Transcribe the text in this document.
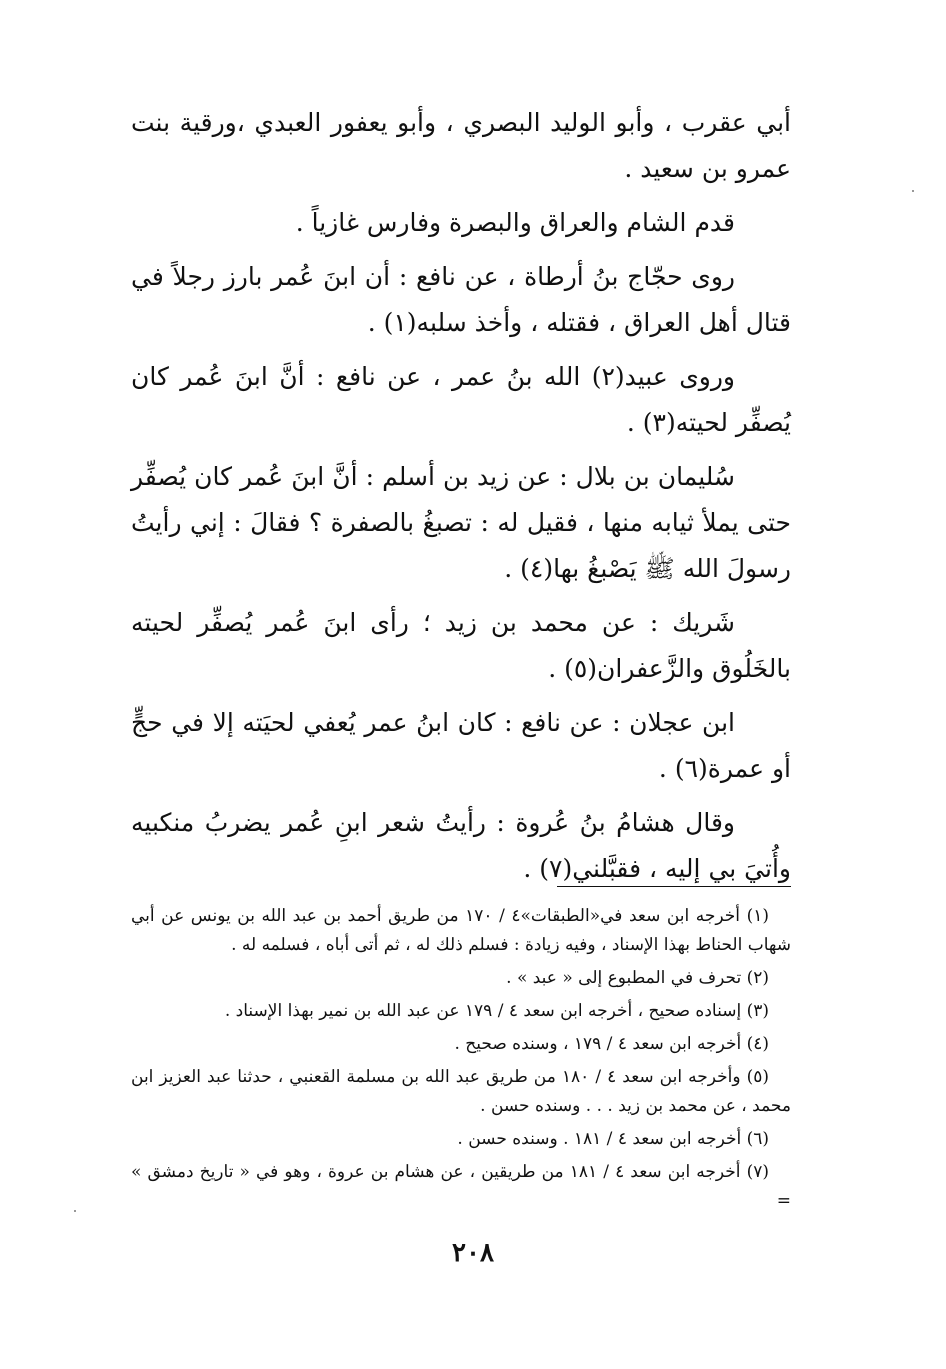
أبي عقرب ، وأبو الوليد البصري ، وأبو يعفور العبدي ،ورقية بنت عمرو بن سعيد .

قدم الشام والعراق والبصرة وفارس غازياً .

روى حجّاج بنُ أرطاة ، عن نافع : أن ابنَ عُمر بارز رجلاً في قتال أهل العراق ، فقتله ، وأخذ سلبه(١) .

وروى عبيد(٢) الله بنُ عمر ، عن نافع : أنَّ ابنَ عُمر كان يُصفِّر لحيته(٣) .

سُليمان بن بلال : عن زيد بن أسلم : أنَّ ابنَ عُمر كان يُصفِّر حتى يملأ ثيابه منها ، فقيل له : تصبغُ بالصفرة ؟ فقالَ : إني رأيتُ رسولَ الله ﷺ يَصْبغُ بها(٤) .

شَريك : عن محمد بن زيد ؛ رأى ابنَ عُمر يُصفِّر لحيته بالخَلُوق والزَّعفران(٥) .

ابن عجلان : عن نافع : كان ابنُ عمر يُعفي لحيَته إلا في حجٍّ أو عمرة(٦) .

وقال هشامُ بنُ عُروة : رأيتُ شعر ابنِ عُمر يضربُ منكبيه وأُتيَ بي إليه ، فقبَّلني(٧) .

(١) أخرجه ابن سعد في«الطبقات»٤ / ١٧٠ من طريق أحمد بن عبد الله بن يونس عن أبي شهاب الحناط بهذا الإسناد ، وفيه زيادة : فسلم ذلك له ، ثم أتى أباه ، فسلمه له .

(٢) تحرف في المطبوع إلى « عبد » .

(٣) إسناده صحيح ، أخرجه ابن سعد ٤ / ١٧٩ عن عبد الله بن نمير بهذا الإسناد .

(٤) أخرجه ابن سعد ٤ / ١٧٩ ، وسنده صحيح .

(٥) وأخرجه ابن سعد ٤ / ١٨٠ من طريق عبد الله بن مسلمة القعنبي ، حدثنا عبد العزيز ابن محمد ، عن محمد بن زيد . . . وسنده حسن .

(٦) أخرجه ابن سعد ٤ / ١٨١ . وسنده حسن .

(٧) أخرجه ابن سعد ٤ / ١٨١ من طريقين ، عن هشام بن عروة ، وهو في « تاريخ دمشق » =

٢٠٨
